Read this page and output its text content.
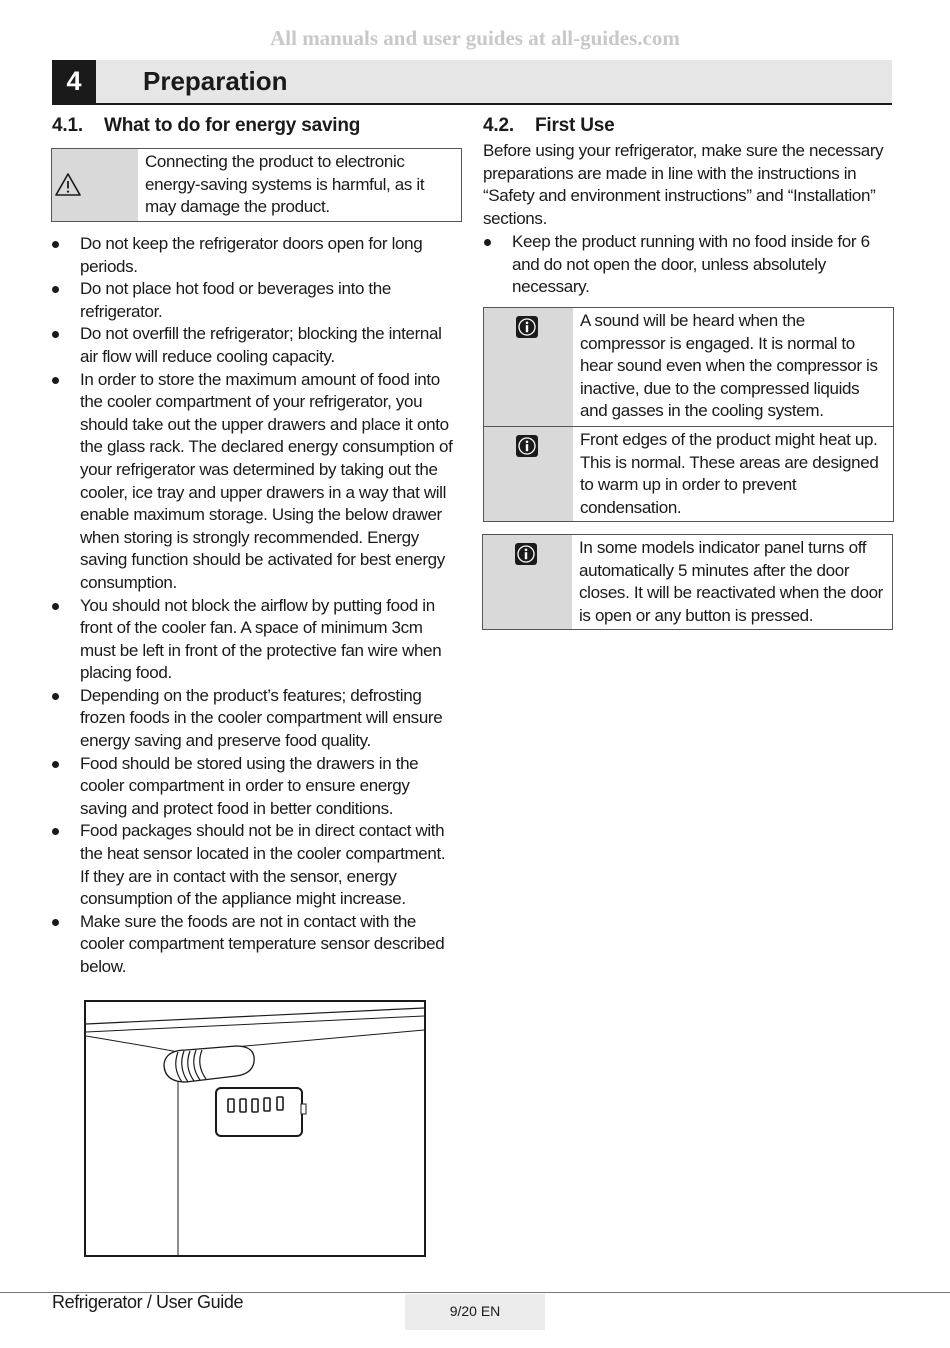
All manuals and user guides at all-guides.com
4	Preparation
4.1. What to do for energy saving
Connecting the product to electronic energy-saving systems is harmful, as it may damage the product.
Do not keep the refrigerator doors open for long periods.
Do not place hot food or beverages into the refrigerator.
Do not overfill the refrigerator; blocking the internal air flow will reduce cooling capacity.
In order to store the maximum amount of food into the cooler compartment of your refrigerator, you should take out the upper drawers and place it onto the glass rack. The declared energy consumption of your refrigerator was determined by taking out the cooler, ice tray and upper drawers in a way that will enable maximum storage. Using the below drawer when storing is strongly recommended. Energy saving function should be activated for best energy consumption.
You should not block the airflow by putting food in front of the cooler fan. A space of minimum 3cm must be left in front of the protective fan wire when placing food.
Depending on the product’s features; defrosting frozen foods in the cooler compartment will ensure energy saving and preserve food quality.
Food should be stored using the drawers in the cooler compartment in order to ensure energy saving and protect food in better conditions.
Food packages should not be in direct contact with the heat sensor located in the cooler compartment. If they are in contact with the sensor, energy consumption of the appliance might increase.
Make sure the foods are not in contact with the cooler compartment temperature sensor described below.
4.2. First Use
Before using your refrigerator, make sure the necessary preparations are made in line with the instructions in “Safety and environment instructions” and “Installation” sections.
Keep the product running with no food inside for 6 and do not open the door, unless absolutely necessary.
A sound will be heard when the compressor is engaged. It is normal to hear sound even when the compressor is inactive, due to the compressed liquids and gasses in the cooling system.
Front edges of the product might heat up. This is normal. These areas are designed to warm up in order to prevent condensation.
In some models indicator panel turns off automatically 5 minutes after the door closes. It will be reactivated when the door is open or any button is pressed.
Refrigerator / User Guide	9/20 EN
